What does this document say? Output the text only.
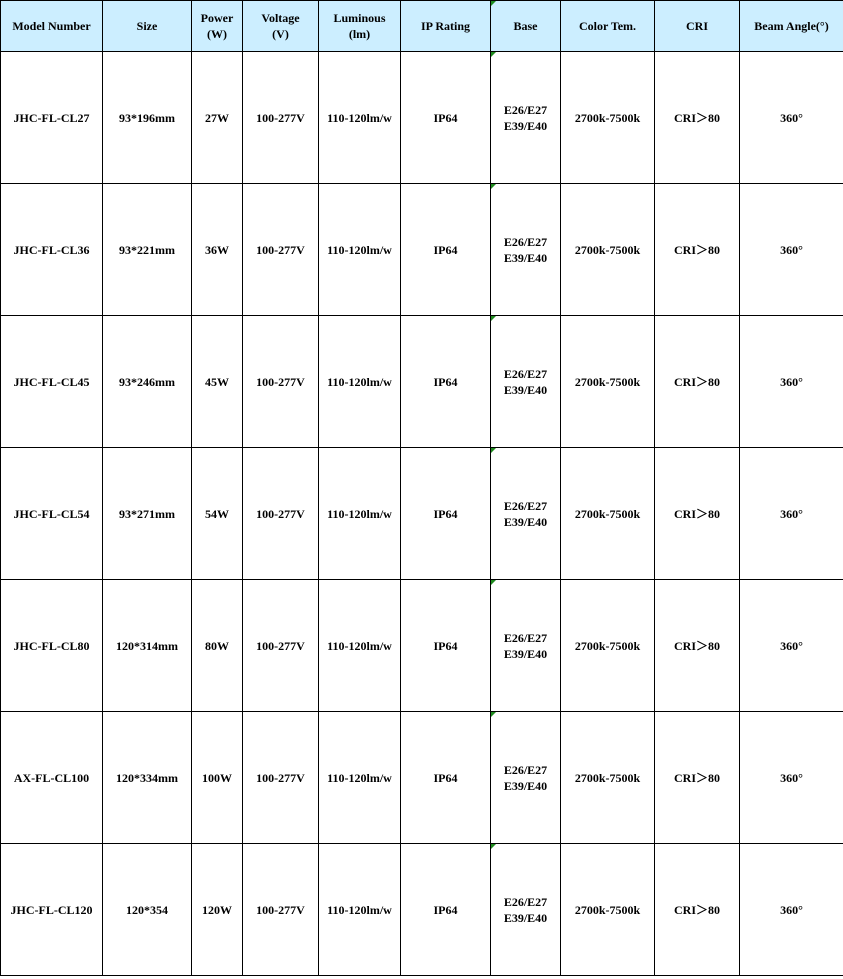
Model Number	Size	Power
(W)	Voltage
(V)	Luminous
(lm)	IP Rating	Base	Color Tem.	CRI	Beam Angle(°)

JHC-FL-CL27	93*196mm	27W	100-277V	110-120lm/w	IP64	E26/E27
E39/E40	2700k-7500k	CRI＞80	360°
JHC-FL-CL36	93*221mm	36W	100-277V	110-120lm/w	IP64	E26/E27
E39/E40	2700k-7500k	CRI＞80	360°
JHC-FL-CL45	93*246mm	45W	100-277V	110-120lm/w	IP64	E26/E27
E39/E40	2700k-7500k	CRI＞80	360°
JHC-FL-CL54	93*271mm	54W	100-277V	110-120lm/w	IP64	E26/E27
E39/E40	2700k-7500k	CRI＞80	360°
JHC-FL-CL80	120*314mm	80W	100-277V	110-120lm/w	IP64	E26/E27
E39/E40	2700k-7500k	CRI＞80	360°
AX-FL-CL100	120*334mm	100W	100-277V	110-120lm/w	IP64	E26/E27
E39/E40	2700k-7500k	CRI＞80	360°
JHC-FL-CL120	120*354	120W	100-277V	110-120lm/w	IP64	E26/E27
E39/E40	2700k-7500k	CRI＞80	360°
